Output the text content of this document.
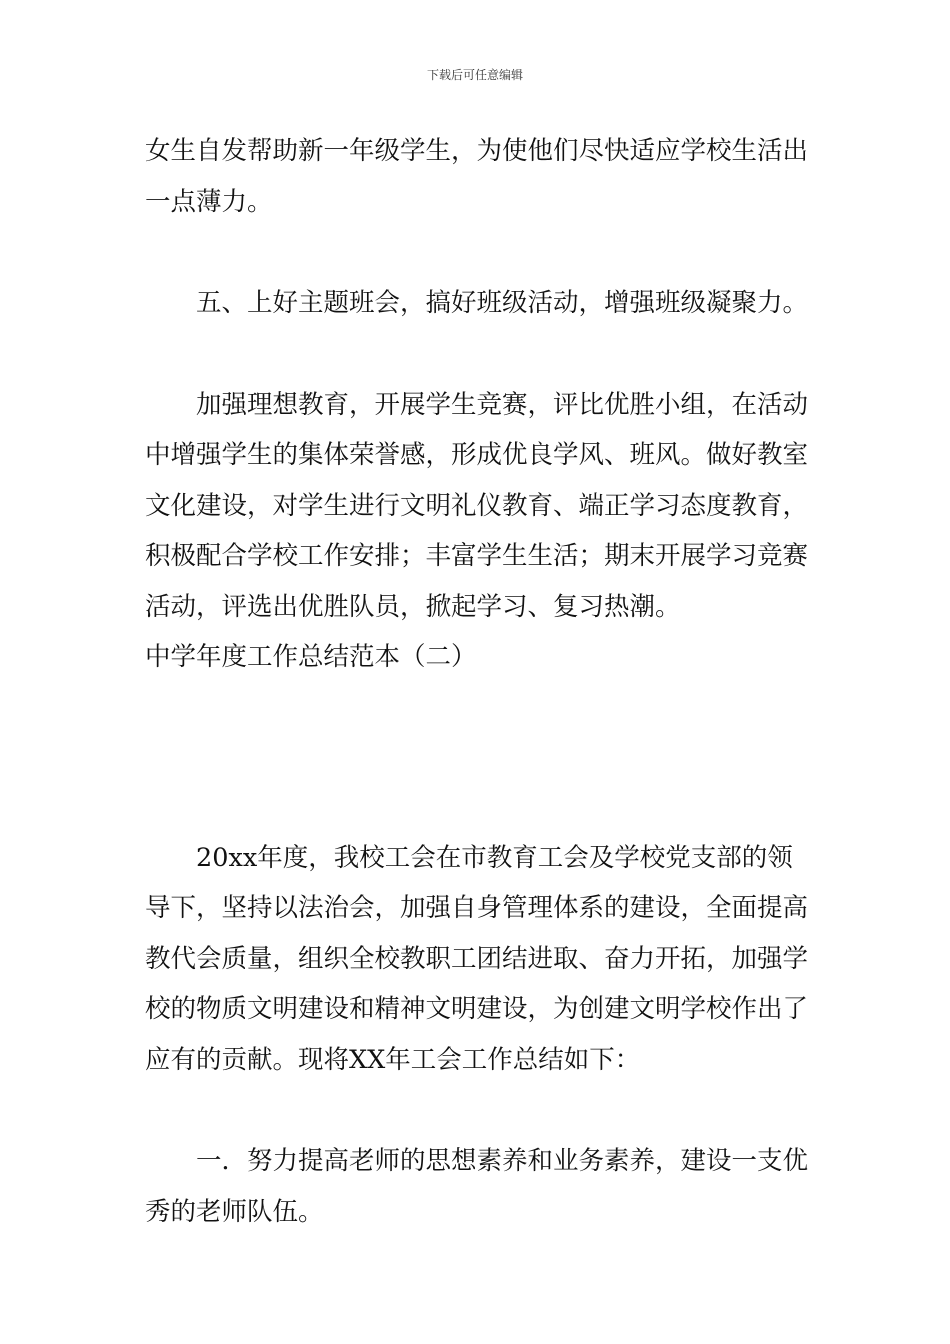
下载后可任意编辑

女生自发帮助新一年级学生，为使他们尽快适应学校生活出一点薄力。

五、上好主题班会，搞好班级活动，增强班级凝聚力。

加强理想教育，开展学生竞赛，评比优胜小组，在活动中增强学生的集体荣誉感，形成优良学风、班风。做好教室文化建设，对学生进行文明礼仪教育、端正学习态度教育，积极配合学校工作安排；丰富学生生活；期末开展学习竞赛活动，评选出优胜队员，掀起学习、复习热潮。

中学年度工作总结范本（二）

20xx年度，我校工会在市教育工会及学校党支部的领导下，坚持以法治会，加强自身管理体系的建设，全面提高教代会质量，组织全校教职工团结进取、奋力开拓，加强学校的物质文明建设和精神文明建设，为创建文明学校作出了应有的贡献。现将XX年工会工作总结如下：

一．努力提高老师的思想素养和业务素养，建设一支优秀的老师队伍。
